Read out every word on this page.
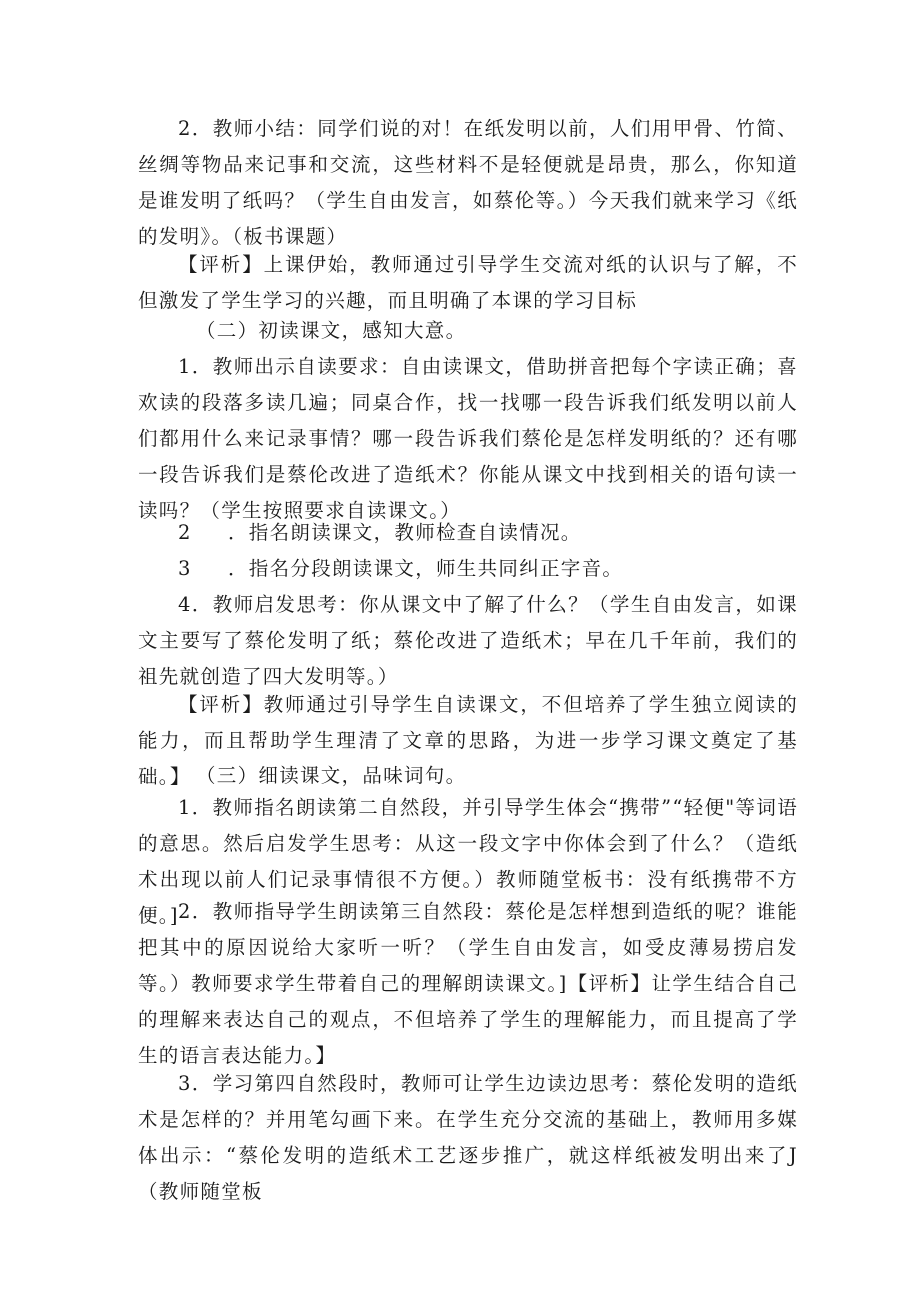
2．教师小结：同学们说的对！在纸发明以前，人们用甲骨、竹简、丝绸等物品来记事和交流，这些材料不是轻便就是昂贵，那么，你知道是谁发明了纸吗？（学生自由发言，如蔡伦等。）今天我们就来学习《纸的发明》。（板书课题）

【评析】上课伊始，教师通过引导学生交流对纸的认识与了解，不但激发了学生学习的兴趣，而且明确了本课的学习目标

（二）初读课文，感知大意。

1．教师出示自读要求：自由读课文，借助拼音把每个字读正确；喜欢读的段落多读几遍；同桌合作，找一找哪一段告诉我们纸发明以前人们都用什么来记录事情？哪一段告诉我们蔡伦是怎样发明纸的？还有哪一段告诉我们是蔡伦改进了造纸术？你能从课文中找到相关的语句读一读吗？（学生按照要求自读课文。）

2 ．指名朗读课文，教师检查自读情况。

3 ．指名分段朗读课文，师生共同纠正字音。

4．教师启发思考：你从课文中了解了什么？（学生自由发言，如课文主要写了蔡伦发明了纸；蔡伦改进了造纸术；早在几千年前，我们的祖先就创造了四大发明等。）

【评析】教师通过引导学生自读课文，不但培养了学生独立阅读的能力，而且帮助学生理清了文章的思路，为进一步学习课文奠定了基础。】 （三）细读课文，品味词句。

1．教师指名朗读第二自然段，并引导学生体会“携带”“轻便"等词语的意思。然后启发学生思考：从这一段文字中你体会到了什么？（造纸术出现以前人们记录事情很不方便。）教师随堂板书：没有纸携带不方便。] 2．教师指导学生朗读第三自然段：蔡伦是怎样想到造纸的呢？谁能把其中的原因说给大家听一听？（学生自由发言，如受皮薄易捞启发等。）教师要求学生带着自己的理解朗读课文。]【评析】让学生结合自己的理解来表达自己的观点，不但培养了学生的理解能力，而且提高了学生的语言表达能力。】

3．学习第四自然段时，教师可让学生边读边思考：蔡伦发明的造纸术是怎样的？并用笔勾画下来。在学生充分交流的基础上，教师用多媒体出示：“蔡伦发明的造纸术工艺逐步推广，就这样纸被发明出来了J（教师随堂板
